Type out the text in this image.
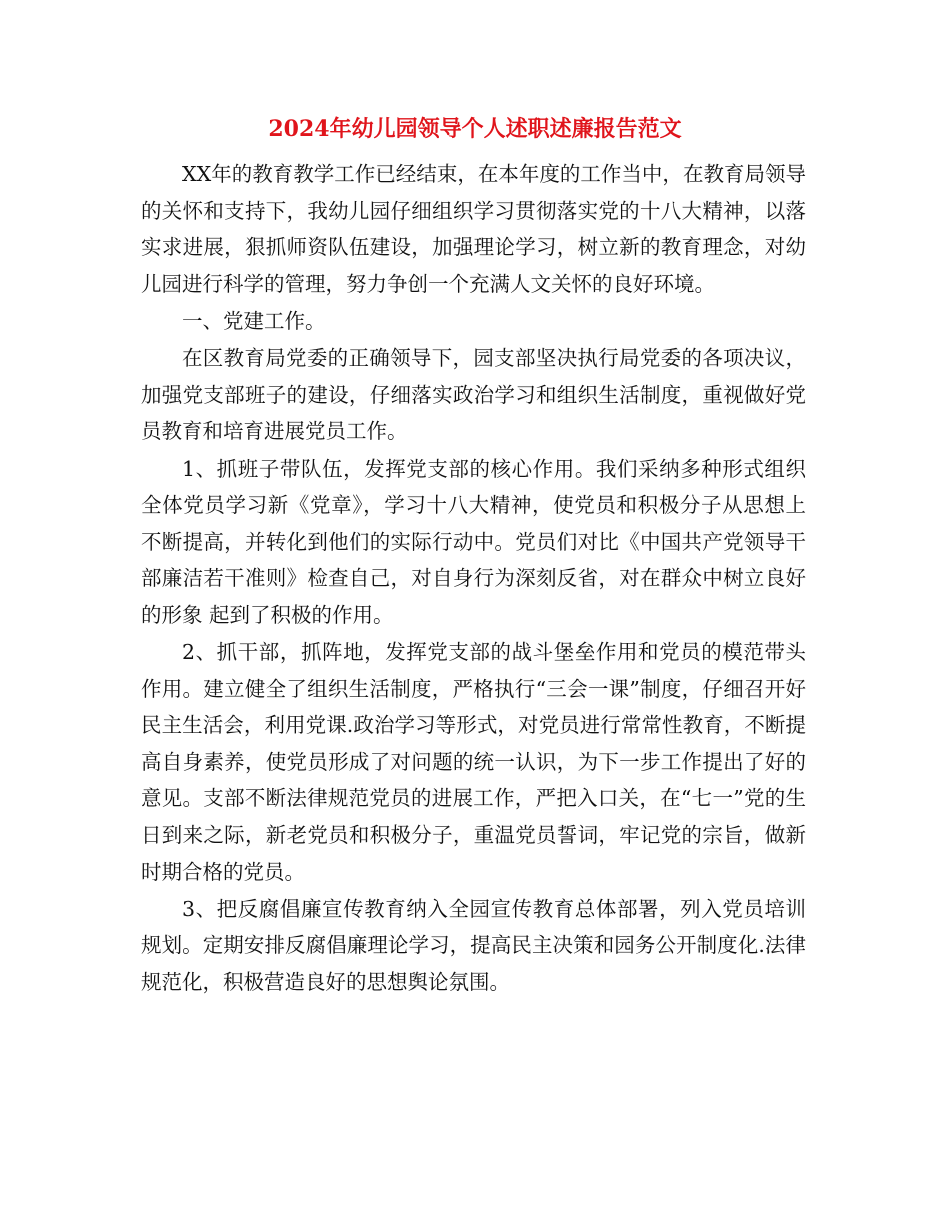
2024年幼儿园领导个人述职述廉报告范文

XX年的教育教学工作已经结束，在本年度的工作当中，在教育局领导的关怀和支持下，我幼儿园仔细组织学习贯彻落实党的十八大精神，以落实求进展，狠抓师资队伍建设，加强理论学习，树立新的教育理念，对幼儿园进行科学的管理，努力争创一个充满人文关怀的良好环境。

一、党建工作。

在区教育局党委的正确领导下，园支部坚决执行局党委的各项决议，加强党支部班子的建设，仔细落实政治学习和组织生活制度，重视做好党员教育和培育进展党员工作。

1、抓班子带队伍，发挥党支部的核心作用。我们采纳多种形式组织全体党员学习新《党章》，学习十八大精神，使党员和积极分子从思想上不断提高，并转化到他们的实际行动中。党员们对比《中国共产党领导干部廉洁若干准则》检查自己，对自身行为深刻反省，对在群众中树立良好的形象 起到了积极的作用。

2、抓干部，抓阵地，发挥党支部的战斗堡垒作用和党员的模范带头作用。建立健全了组织生活制度，严格执行“三会一课”制度，仔细召开好民主生活会，利用党课.政治学习等形式，对党员进行常常性教育，不断提高自身素养，使党员形成了对问题的统一认识，为下一步工作提出了好的意见。支部不断法律规范党员的进展工作，严把入口关，在“七一”党的生日到来之际，新老党员和积极分子，重温党员誓词，牢记党的宗旨，做新时期合格的党员。

3、把反腐倡廉宣传教育纳入全园宣传教育总体部署，列入党员培训规划。定期安排反腐倡廉理论学习，提高民主决策和园务公开制度化.法律规范化，积极营造良好的思想舆论氛围。
